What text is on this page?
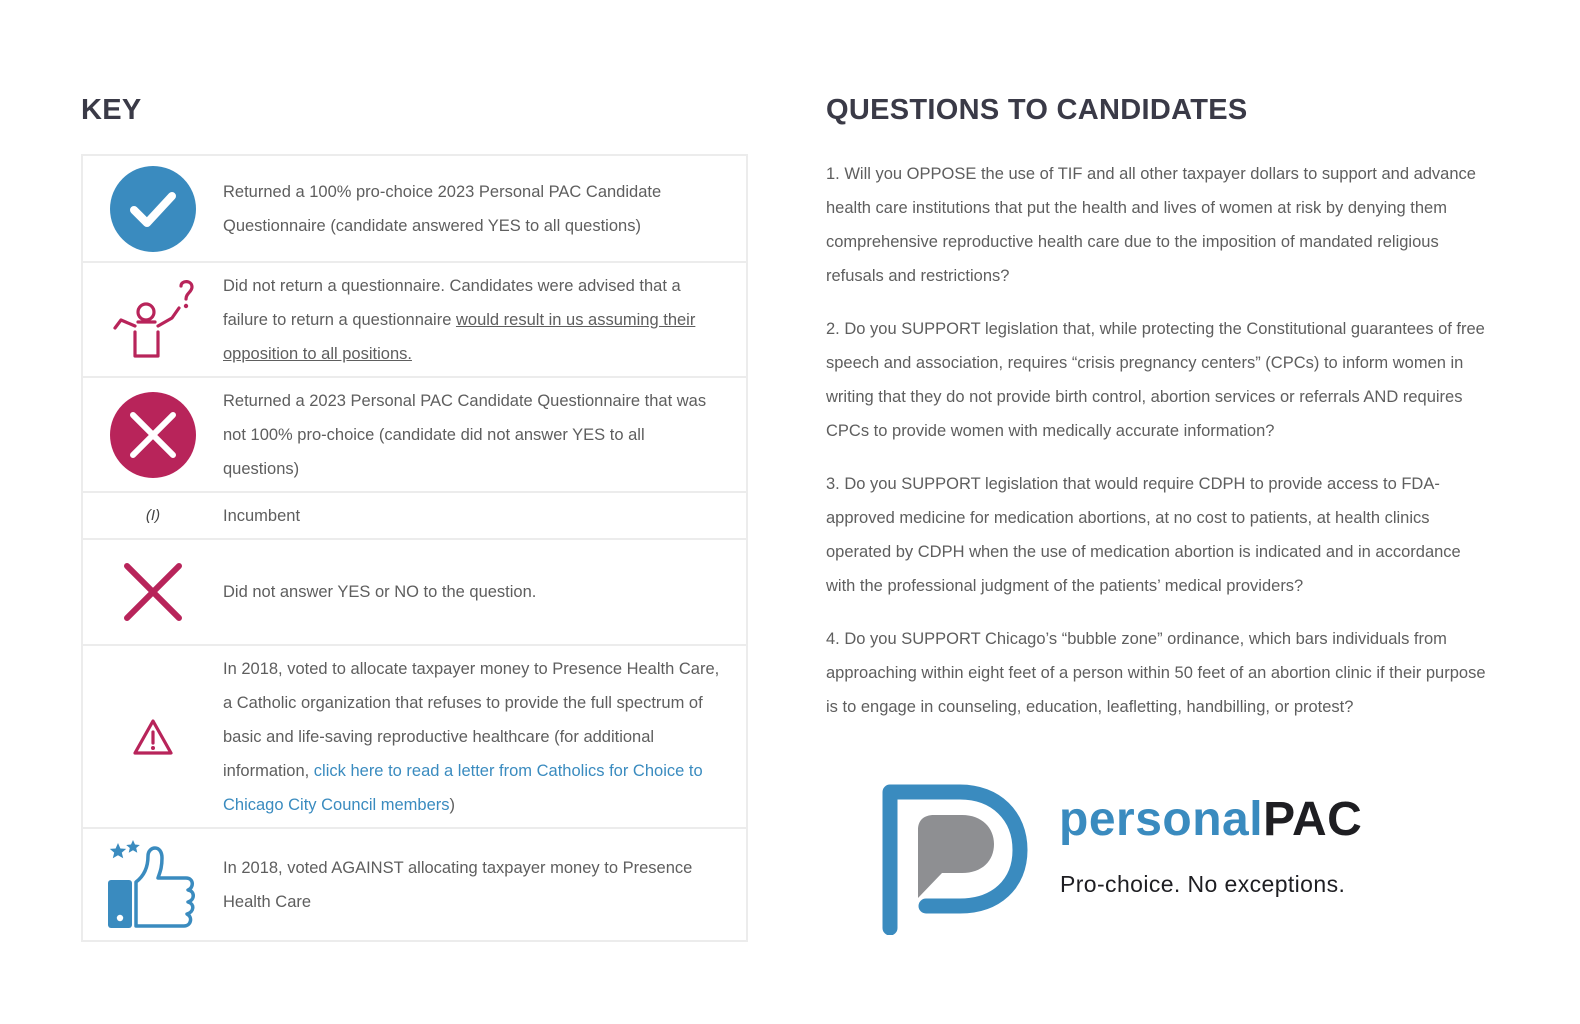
KEY
Returned a 100% pro-choice 2023 Personal PAC Candidate Questionnaire (candidate answered YES to all questions)
Did not return a questionnaire. Candidates were advised that a failure to return a questionnaire would result in us assuming their opposition to all positions.
Returned a 2023 Personal PAC Candidate Questionnaire that was not 100% pro-choice (candidate did not answer YES to all questions)
(I)	Incumbent
Did not answer YES or NO to the question.
In 2018, voted to allocate taxpayer money to Presence Health Care, a Catholic organization that refuses to provide the full spectrum of basic and life-saving reproductive healthcare (for additional information, click here to read a letter from Catholics for Choice to Chicago City Council members)
In 2018, voted AGAINST allocating taxpayer money to Presence Health Care
QUESTIONS TO CANDIDATES

1. Will you OPPOSE the use of TIF and all other taxpayer dollars to support and advance health care institutions that put the health and lives of women at risk by denying them comprehensive reproductive health care due to the imposition of mandated religious refusals and restrictions?

2. Do you SUPPORT legislation that, while protecting the Constitutional guarantees of free speech and association, requires “crisis pregnancy centers” (CPCs) to inform women in writing that they do not provide birth control, abortion services or referrals AND requires CPCs to provide women with medically accurate information?

3. Do you SUPPORT legislation that would require CDPH to provide access to FDA-approved medicine for medication abortions, at no cost to patients, at health clinics operated by CDPH when the use of medication abortion is indicated and in accordance with the professional judgment of the patients’ medical providers?

4. Do you SUPPORT Chicago’s “bubble zone” ordinance, which bars individuals from approaching within eight feet of a person within 50 feet of an abortion clinic if their purpose is to engage in counseling, education, leafletting, handbilling, or protest?

personalPAC
Pro-choice. No exceptions.
